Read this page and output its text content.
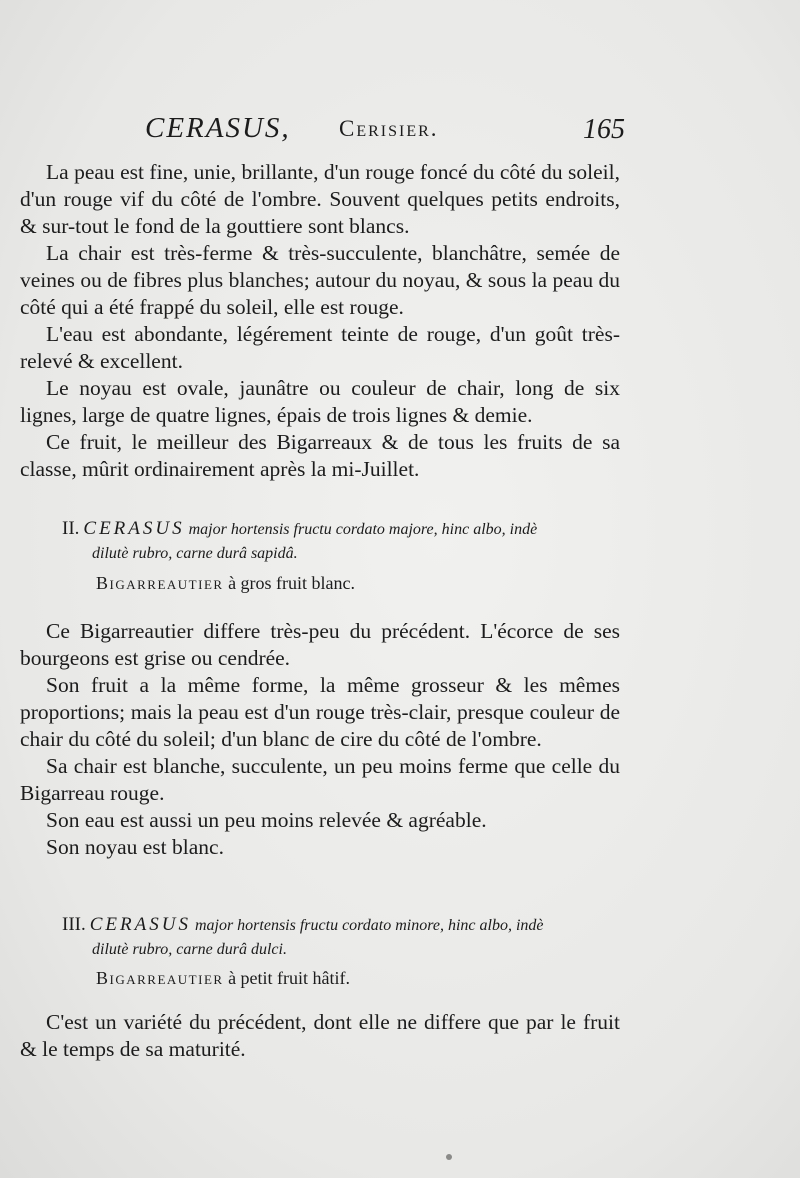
CERASUS, Cerisier.	165

La peau est fine, unie, brillante, d'un rouge foncé du côté du soleil, d'un rouge vif du côté de l'ombre. Souvent quelques petits endroits, & sur-tout le fond de la gouttiere sont blancs.

La chair est très-ferme & très-succulente, blanchâtre, semée de veines ou de fibres plus blanches; autour du noyau, & sous la peau du côté qui a été frappé du soleil, elle est rouge.

L'eau est abondante, légérement teinte de rouge, d'un goût très-relevé & excellent.

Le noyau est ovale, jaunâtre ou couleur de chair, long de six lignes, large de quatre lignes, épais de trois lignes & demie.

Ce fruit, le meilleur des Bigarreaux & de tous les fruits de sa classe, mûrit ordinairement après la mi-Juillet.

II. CERASUS major hortensis fructu cordato majore, hinc albo, indè
dilutè rubro, carne durâ sapidâ.
Bigarreautier à gros fruit blanc.

Ce Bigarreautier differe très-peu du précédent. L'écorce de ses bourgeons est grise ou cendrée.

Son fruit a la même forme, la même grosseur & les mêmes proportions; mais la peau est d'un rouge très-clair, presque couleur de chair du côté du soleil; d'un blanc de cire du côté de l'ombre.

Sa chair est blanche, succulente, un peu moins ferme que celle du Bigarreau rouge.

Son eau est aussi un peu moins relevée & agréable.

Son noyau est blanc.

III. CERASUS major hortensis fructu cordato minore, hinc albo, indè
dilutè rubro, carne durâ dulci.
Bigarreautier à petit fruit hâtif.

C'est un variété du précédent, dont elle ne differe que par le fruit & le temps de sa maturité.
